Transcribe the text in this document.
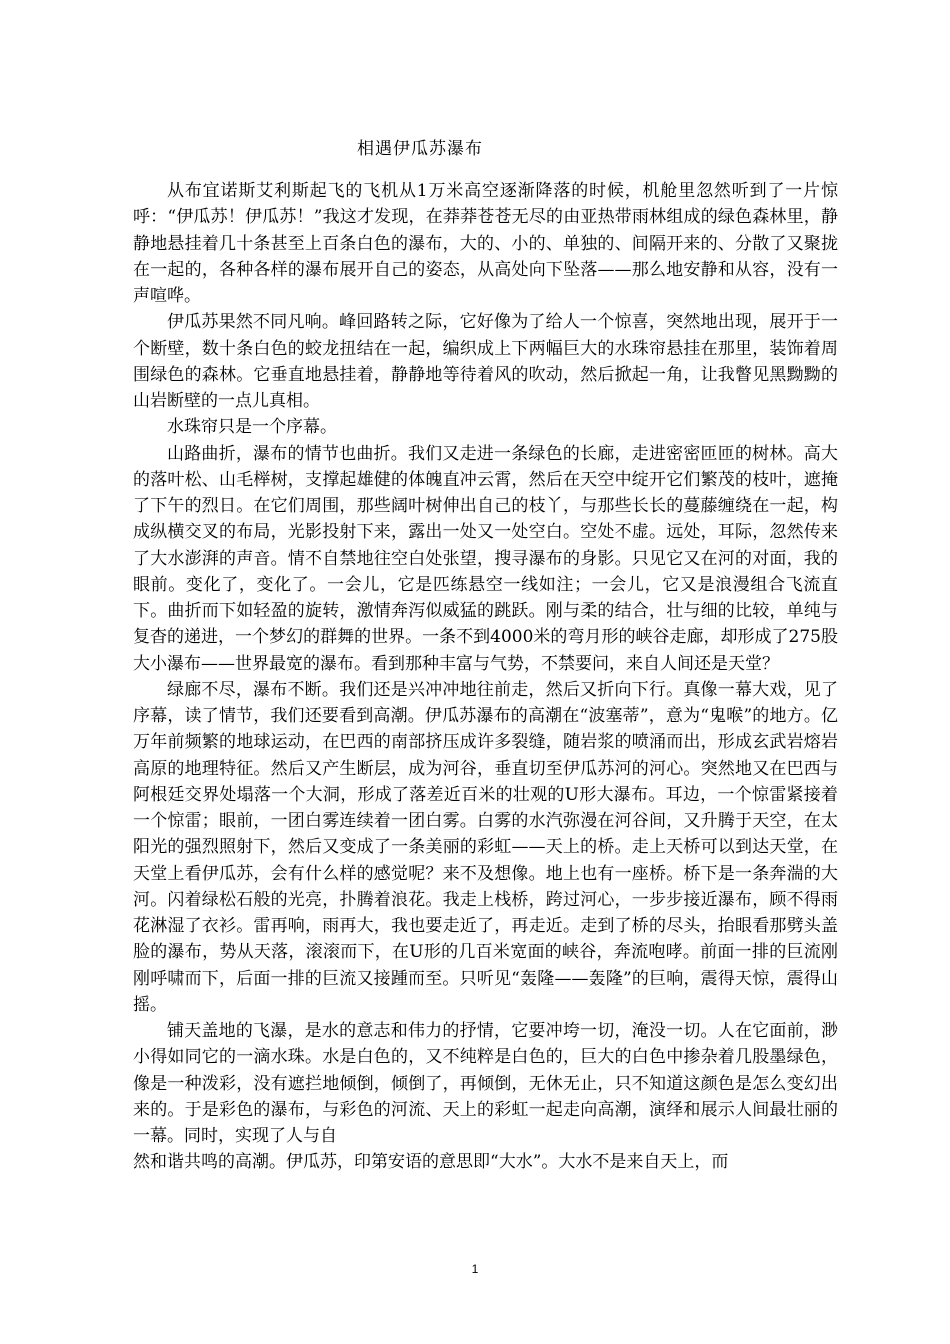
相遇伊瓜苏瀑布

从布宜诺斯艾利斯起飞的飞机从1万米高空逐渐降落的时候，机舱里忽然听到了一片惊呼：“伊瓜苏！伊瓜苏！”我这才发现，在莽莽苍苍无尽的由亚热带雨林组成的绿色森林里，静静地悬挂着几十条甚至上百条白色的瀑布，大的、小的、单独的、间隔开来的、分散了又聚拢在一起的，各种各样的瀑布展开自己的姿态，从高处向下坠落——那么地安静和从容，没有一声喧哗。

伊瓜苏果然不同凡响。峰回路转之际，它好像为了给人一个惊喜，突然地出现，展开于一个断壁，数十条白色的蛟龙扭结在一起，编织成上下两幅巨大的水珠帘悬挂在那里，装饰着周围绿色的森林。它垂直地悬挂着，静静地等待着风的吹动，然后掀起一角，让我瞥见黑黝黝的山岩断壁的一点儿真相。

水珠帘只是一个序幕。

山路曲折，瀑布的情节也曲折。我们又走进一条绿色的长廊，走进密密匝匝的树林。高大的落叶松、山毛榉树，支撑起雄健的体魄直冲云霄，然后在天空中绽开它们繁茂的枝叶，遮掩了下午的烈日。在它们周围，那些阔叶树伸出自己的枝丫，与那些长长的蔓藤缠绕在一起，构成纵横交叉的布局，光影投射下来，露出一处又一处空白。空处不虚。远处，耳际，忽然传来了大水澎湃的声音。情不自禁地往空白处张望，搜寻瀑布的身影。只见它又在河的对面，我的眼前。变化了，变化了。一会儿，它是匹练悬空一线如注；一会儿，它又是浪漫组合飞流直下。曲折而下如轻盈的旋转，激情奔泻似威猛的跳跃。刚与柔的结合，壮与细的比较，单纯与复杳的递进，一个梦幻的群舞的世界。一条不到4000米的弯月形的峡谷走廊，却形成了275股大小瀑布——世界最宽的瀑布。看到那种丰富与气势，不禁要问，来自人间还是天堂？

绿廊不尽，瀑布不断。我们还是兴冲冲地往前走，然后又折向下行。真像一幕大戏，见了序幕，读了情节，我们还要看到高潮。伊瓜苏瀑布的高潮在“波塞蒂”，意为“鬼喉”的地方。亿万年前频繁的地球运动，在巴西的南部挤压成许多裂缝，随岩浆的喷涌而出，形成玄武岩熔岩高原的地理特征。然后又产生断层，成为河谷，垂直切至伊瓜苏河的河心。突然地又在巴西与阿根廷交界处塌落一个大洞，形成了落差近百米的壮观的U形大瀑布。耳边，一个惊雷紧接着一个惊雷；眼前，一团白雾连续着一团白雾。白雾的水汽弥漫在河谷间，又升腾于天空，在太阳光的强烈照射下，然后又变成了一条美丽的彩虹——天上的桥。走上天桥可以到达天堂，在天堂上看伊瓜苏，会有什么样的感觉呢？来不及想像。地上也有一座桥。桥下是一条奔湍的大河。闪着绿松石般的光亮，扑腾着浪花。我走上栈桥，跨过河心，一步步接近瀑布，顾不得雨花淋湿了衣衫。雷再响，雨再大，我也要走近了，再走近。走到了桥的尽头，抬眼看那劈头盖脸的瀑布，势从天落，滚滚而下，在U形的几百米宽面的峡谷，奔流咆哮。前面一排的巨流刚刚呼啸而下，后面一排的巨流又接踵而至。只听见“轰隆——轰隆”的巨响，震得天惊，震得山摇。

铺天盖地的飞瀑，是水的意志和伟力的抒情，它要冲垮一切，淹没一切。人在它面前，渺小得如同它的一滴水珠。水是白色的，又不纯粹是白色的，巨大的白色中掺杂着几股墨绿色，像是一种泼彩，没有遮拦地倾倒，倾倒了，再倾倒，无休无止，只不知道这颜色是怎么变幻出来的。于是彩色的瀑布，与彩色的河流、天上的彩虹一起走向高潮，演绎和展示人间最壮丽的一幕。同时，实现了人与自

然和谐共鸣的高潮。伊瓜苏，印第安语的意思即“大水”。大水不是来自天上，而

1
